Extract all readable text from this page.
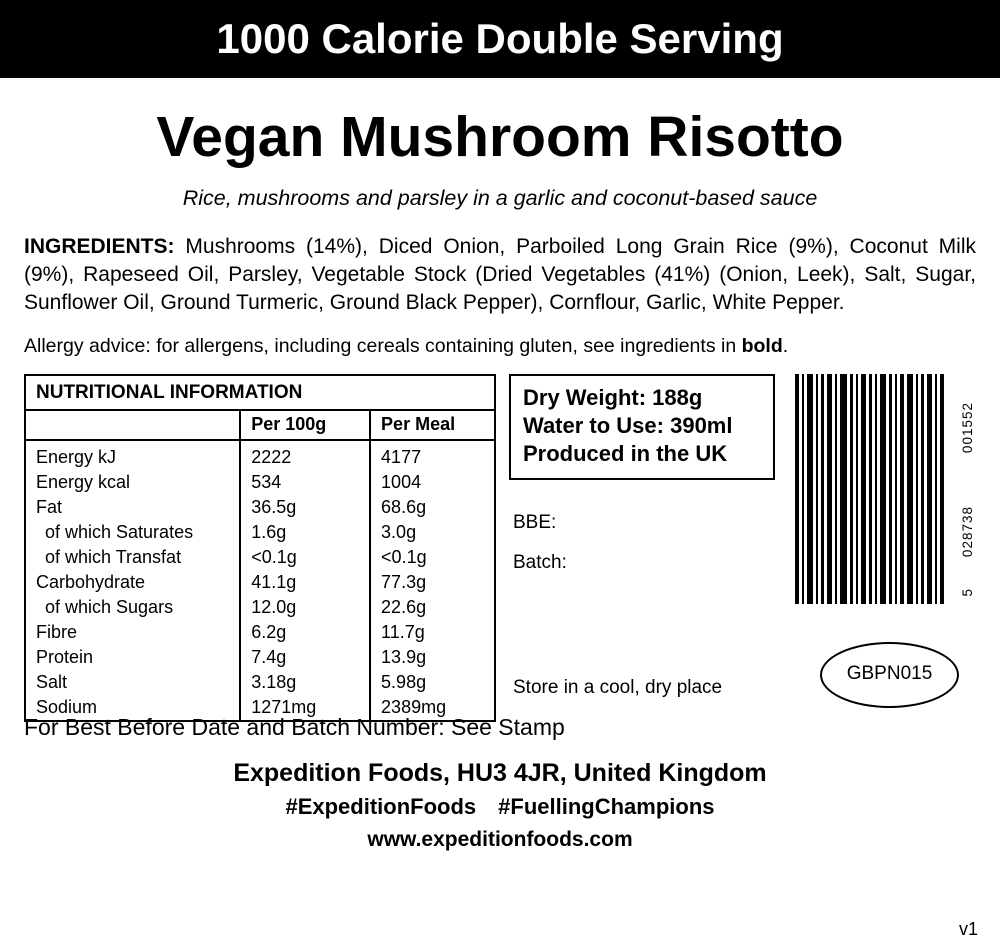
1000 Calorie Double Serving
Vegan Mushroom Risotto
Rice, mushrooms and parsley in a garlic and coconut-based sauce
INGREDIENTS: Mushrooms (14%), Diced Onion, Parboiled Long Grain Rice (9%), Coconut Milk (9%), Rapeseed Oil, Parsley, Vegetable Stock (Dried Vegetables (41%) (Onion, Leek), Salt, Sugar, Sunflower Oil, Ground Turmeric, Ground Black Pepper), Cornflour, Garlic, White Pepper.
Allergy advice: for allergens, including cereals containing gluten, see ingredients in bold.
NUTRITIONAL INFORMATION
	Per 100g	Per Meal
Energy kJ	2222	4177
Energy kcal	534	1004
Fat	36.5g	68.6g
of which Saturates	1.6g	3.0g
of which Transfat	<0.1g	<0.1g
Carbohydrate	41.1g	77.3g
of which Sugars	12.0g	22.6g
Fibre	6.2g	11.7g
Protein	7.4g	13.9g
Salt	3.18g	5.98g
Sodium	1271mg	2389mg
Dry Weight: 188g
Water to Use: 390ml
Produced in the UK
BBE:
Batch:
Store in a cool, dry place
001552
028738
5
GBPN015
For Best Before Date and Batch Number: See Stamp
Expedition Foods, HU3 4JR, United Kingdom
#ExpeditionFoods #FuellingChampions
www.expeditionfoods.com
v1
